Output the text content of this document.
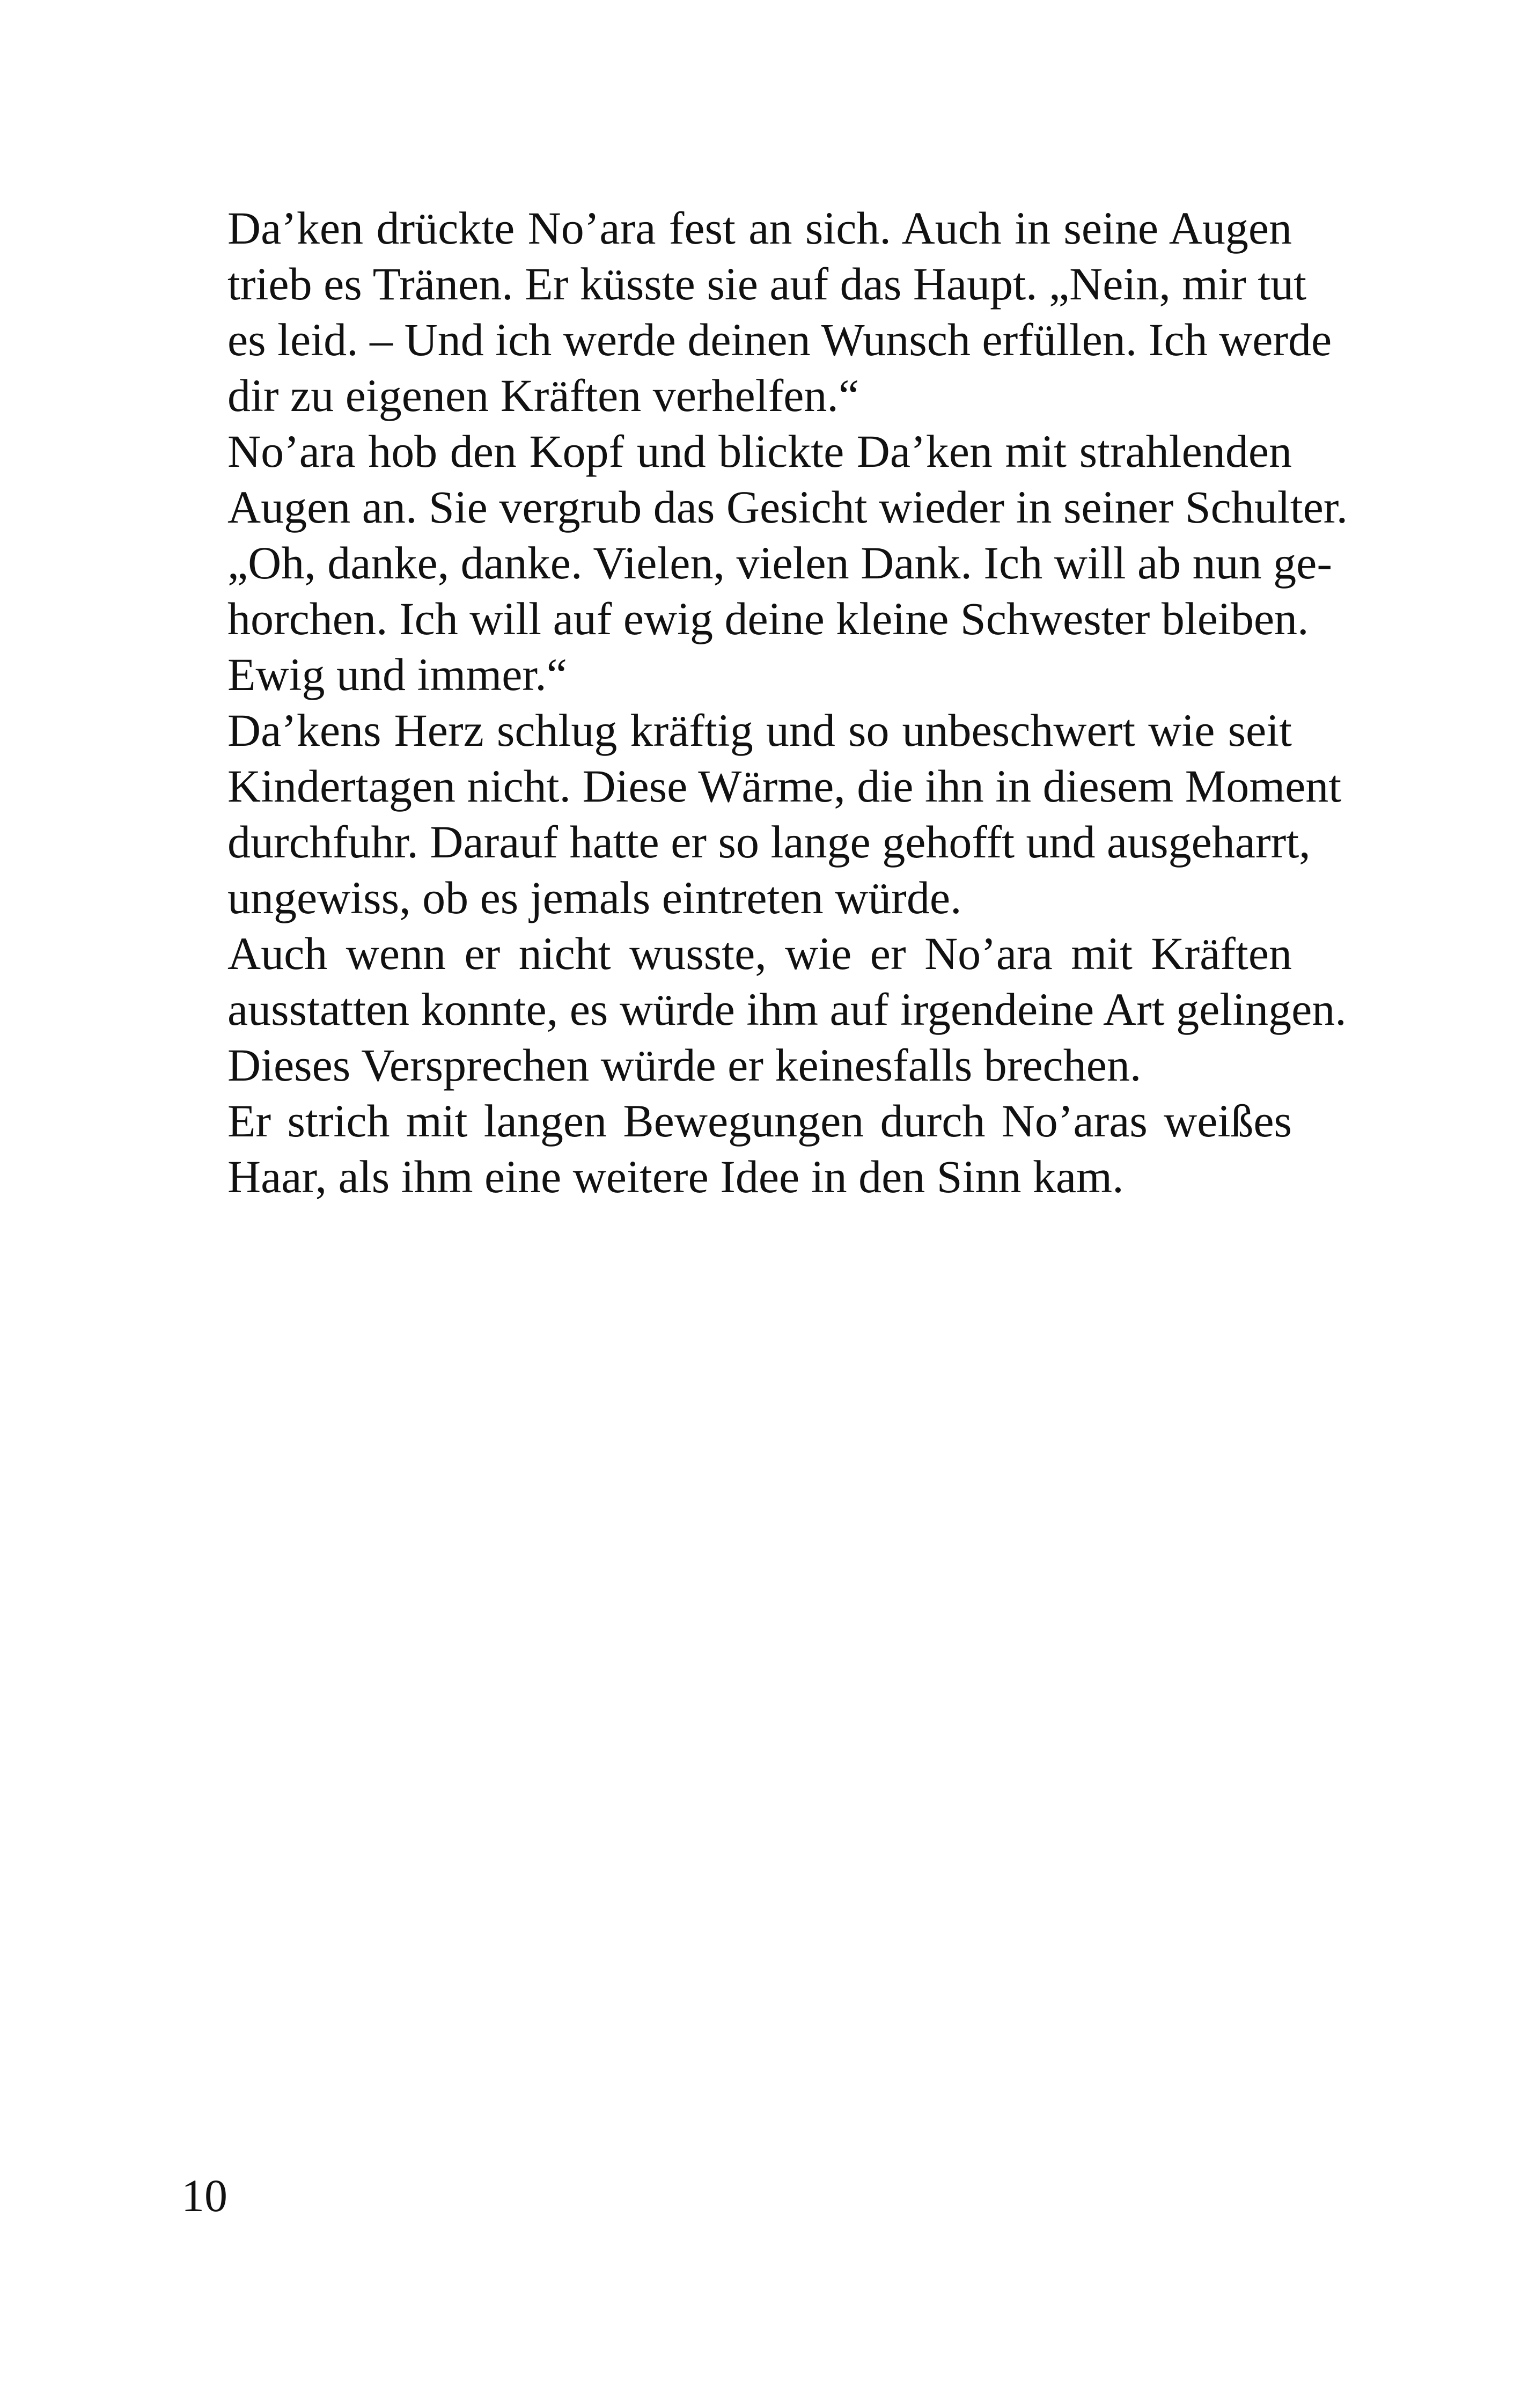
Da’ken drückte No’ara fest an sich. Auch in seine Augen
trieb es Tränen. Er küsste sie auf das Haupt. „Nein, mir tut
es leid. – Und ich werde deinen Wunsch erfüllen. Ich werde
dir zu eigenen Kräften verhelfen.“

No’ara hob den Kopf und blickte Da’ken mit strahlenden
Augen an. Sie vergrub das Gesicht wieder in seiner Schulter.
„Oh, danke, danke. Vielen, vielen Dank. Ich will ab nun ge-
horchen. Ich will auf ewig deine kleine Schwester bleiben.
Ewig und immer.“

Da’kens Herz schlug kräftig und so unbeschwert wie seit
Kindertagen nicht. Diese Wärme, die ihn in diesem Moment
durchfuhr. Darauf hatte er so lange gehofft und ausgeharrt,
ungewiss, ob es jemals eintreten würde.

Auch wenn er nicht wusste, wie er No’ara mit Kräften
ausstatten konnte, es würde ihm auf irgendeine Art gelingen.
Dieses Versprechen würde er keinesfalls brechen.

Er strich mit langen Bewegungen durch No’aras weißes
Haar, als ihm eine weitere Idee in den Sinn kam.

10
